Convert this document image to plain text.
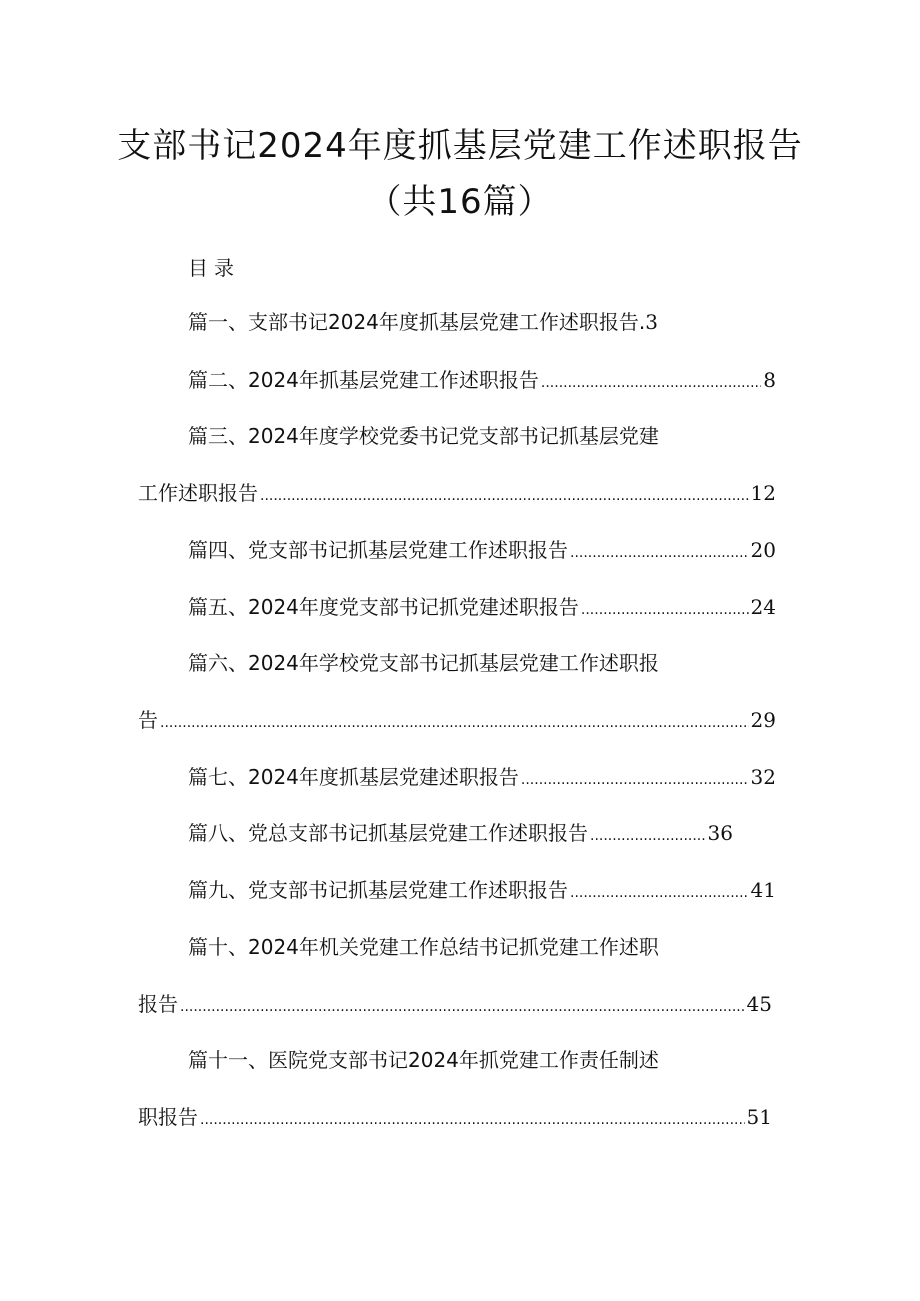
支部书记2024年度抓基层党建工作述职报告（共16篇）
目录
篇一、支部书记2024年度抓基层党建工作述职报告 . 3
篇二、2024年抓基层党建工作述职报告 .....	8
篇三、2024年度学校党委书记党支部书记抓基层党建
工作述职报告 .....	12
篇四、党支部书记抓基层党建工作述职报告 .....	20
篇五、2024年度党支部书记抓党建述职报告 .....	24
篇六、2024年学校党支部书记抓基层党建工作述职报
告 .....	29
篇七、2024年度抓基层党建述职报告 .....	32
篇八、党总支部书记抓基层党建工作述职报告 .....	36
篇九、党支部书记抓基层党建工作述职报告 .....	41
篇十、2024年机关党建工作总结书记抓党建工作述职
报告 .....	45
篇十一、医院党支部书记2024年抓党建工作责任制述
职报告 .....	51
